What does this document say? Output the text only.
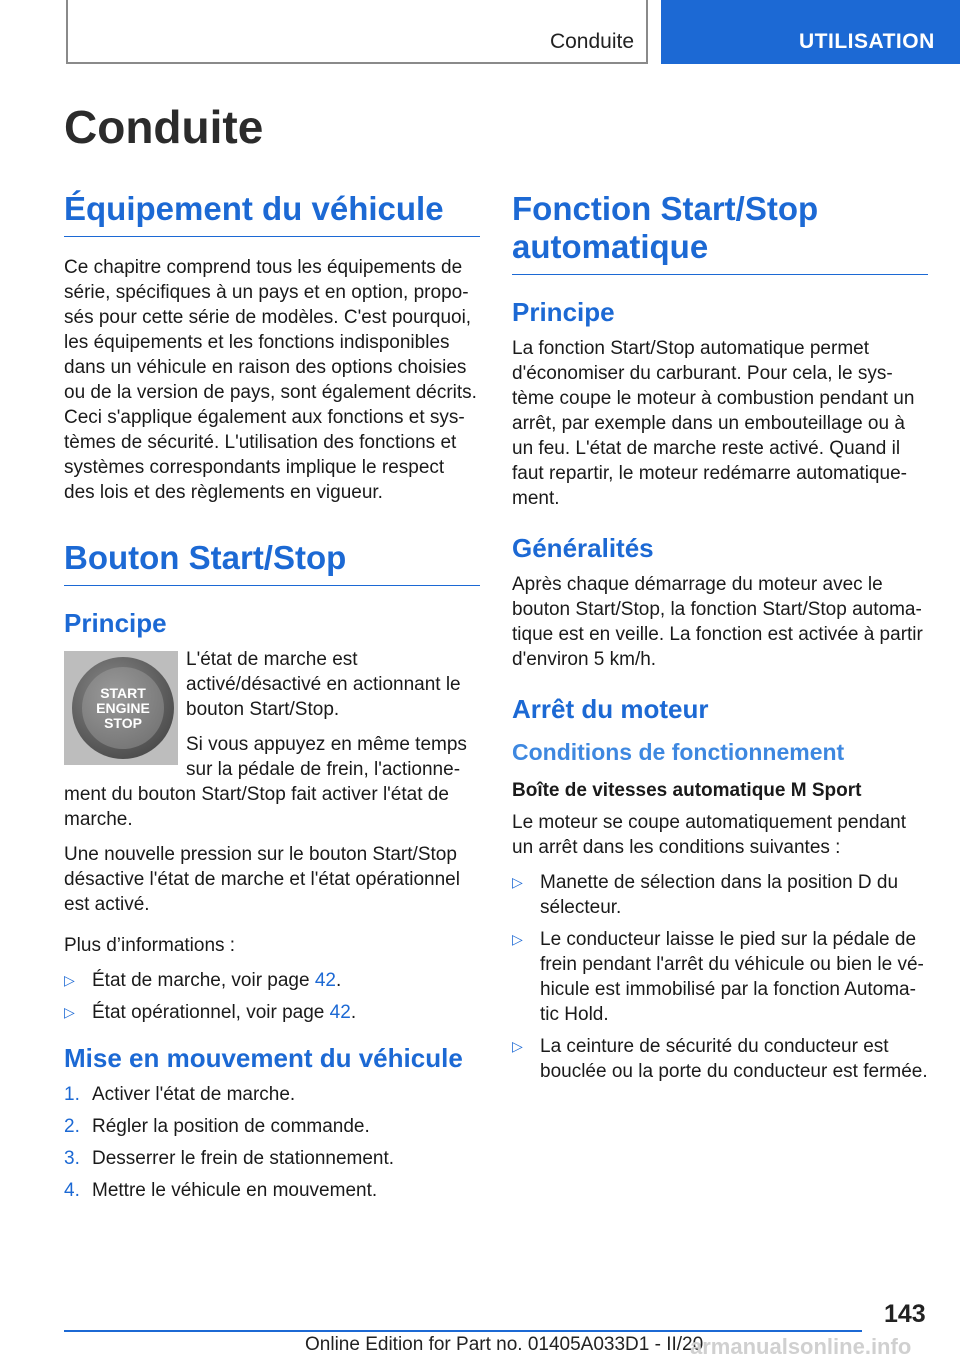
Conduite	UTILISATION
Conduite
Équipement du véhicule

Ce chapitre comprend tous les équipements de série, spécifiques à un pays et en option, proposés pour cette série de modèles. C'est pourquoi, les équipements et les fonctions indisponibles dans un véhicule en raison des options choisies ou de la version de pays, sont également décrits. Ceci s'applique également aux fonctions et systèmes de sécurité. L'utilisation des fonctions et systèmes correspondants implique le respect des lois et des règlements en vigueur.

Bouton Start/Stop
Principe
START
ENGINE
STOP

L'état de marche est activé/désactivé en actionnant le bouton Start/Stop.

Si vous appuyez en même temps sur la pédale de frein, l'actionnement du bouton Start/Stop fait activer l'état de marche.

Une nouvelle pression sur le bouton Start/Stop désactive l'état de marche et l'état opérationnel est activé.

Plus d’informations :

▷ État de marche, voir page 42.
▷ État opérationnel, voir page 42.
Mise en mouvement du véhicule
1. Activer l'état de marche.
2. Régler la position de commande.
3. Desserrer le frein de stationnement.
4. Mettre le véhicule en mouvement.
Fonction Start/Stop automatique
Principe

La fonction Start/Stop automatique permet d'économiser du carburant. Pour cela, le système coupe le moteur à combustion pendant un arrêt, par exemple dans un embouteillage ou à un feu. L'état de marche reste activé. Quand il faut repartir, le moteur redémarre automatiquement.

Généralités

Après chaque démarrage du moteur avec le bouton Start/Stop, la fonction Start/Stop automatique est en veille. La fonction est activée à partir d'environ 5 km/h.

Arrêt du moteur
Conditions de fonctionnement
Boîte de vitesses automatique M Sport

Le moteur se coupe automatiquement pendant un arrêt dans les conditions suivantes :

▷ Manette de sélection dans la position D du sélecteur.
▷ Le conducteur laisse le pied sur la pédale de frein pendant l'arrêt du véhicule ou bien le véhicule est immobilisé par la fonction Automatic Hold.
▷ La ceinture de sécurité du conducteur est bouclée ou la porte du conducteur est fermée.
143
Online Edition for Part no. 01405A033D1 - II/20
armanualsonline.info
